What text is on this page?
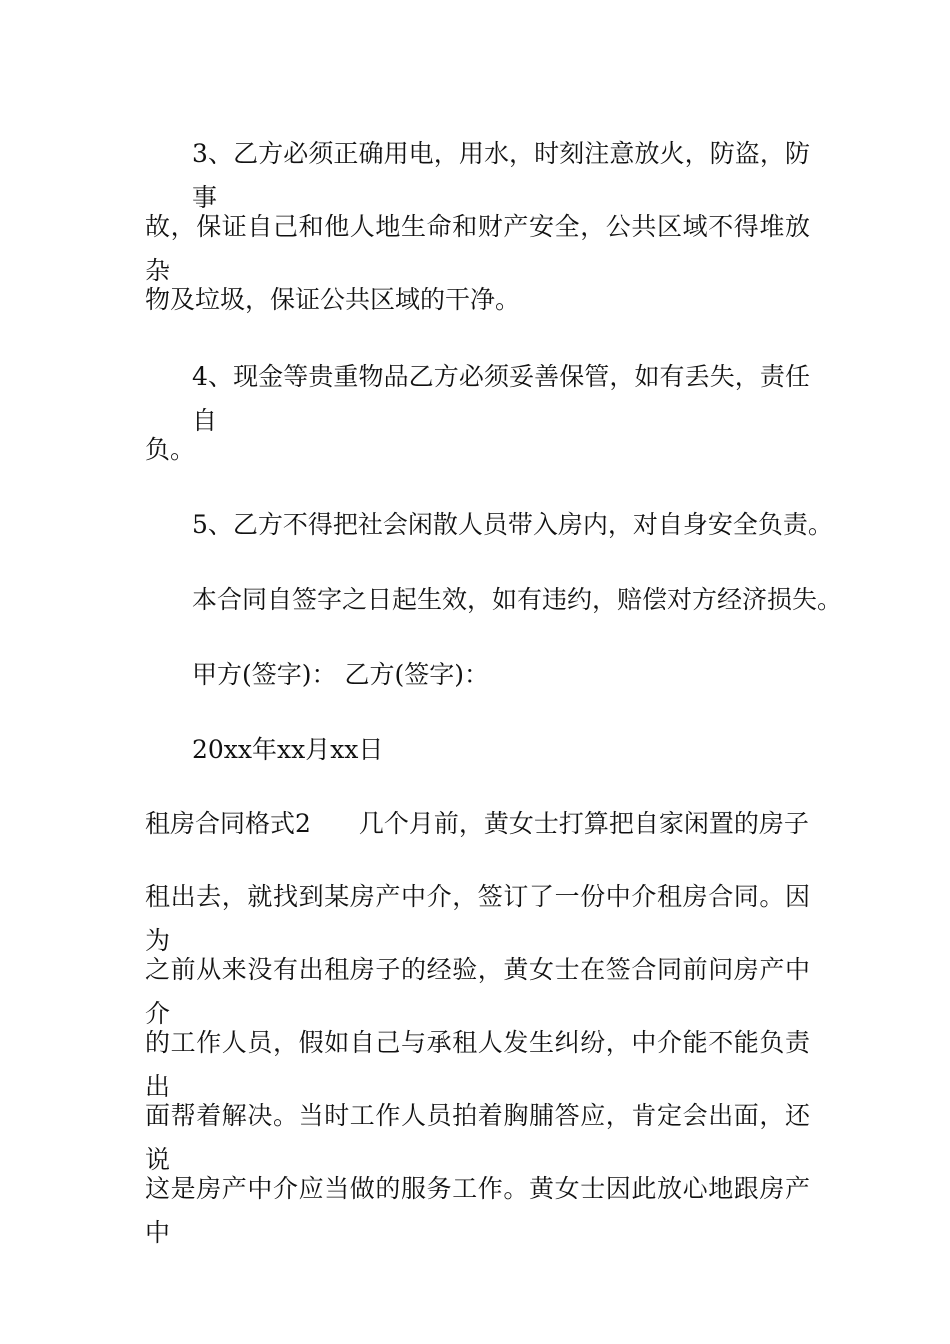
3、乙方必须正确用电，用水，时刻注意放火，防盗，防事

故，保证自己和他人地生命和财产安全，公共区域不得堆放杂

物及垃圾，保证公共区域的干净。

4、现金等贵重物品乙方必须妥善保管，如有丢失，责任自

负。

5、乙方不得把社会闲散人员带入房内，对自身安全负责。

本合同自签字之日起生效，如有违约，赔偿对方经济损失。

甲方(签字)： 乙方(签字)：

20xx年xx月xx日

租房合同格式2 几个月前，黄女士打算把自家闲置的房子

租出去，就找到某房产中介，签订了一份中介租房合同。因为

之前从来没有出租房子的经验，黄女士在签合同前问房产中介

的工作人员，假如自己与承租人发生纠纷，中介能不能负责出

面帮着解决。当时工作人员拍着胸脯答应，肯定会出面，还说

这是房产中介应当做的服务工作。黄女士因此放心地跟房产中
